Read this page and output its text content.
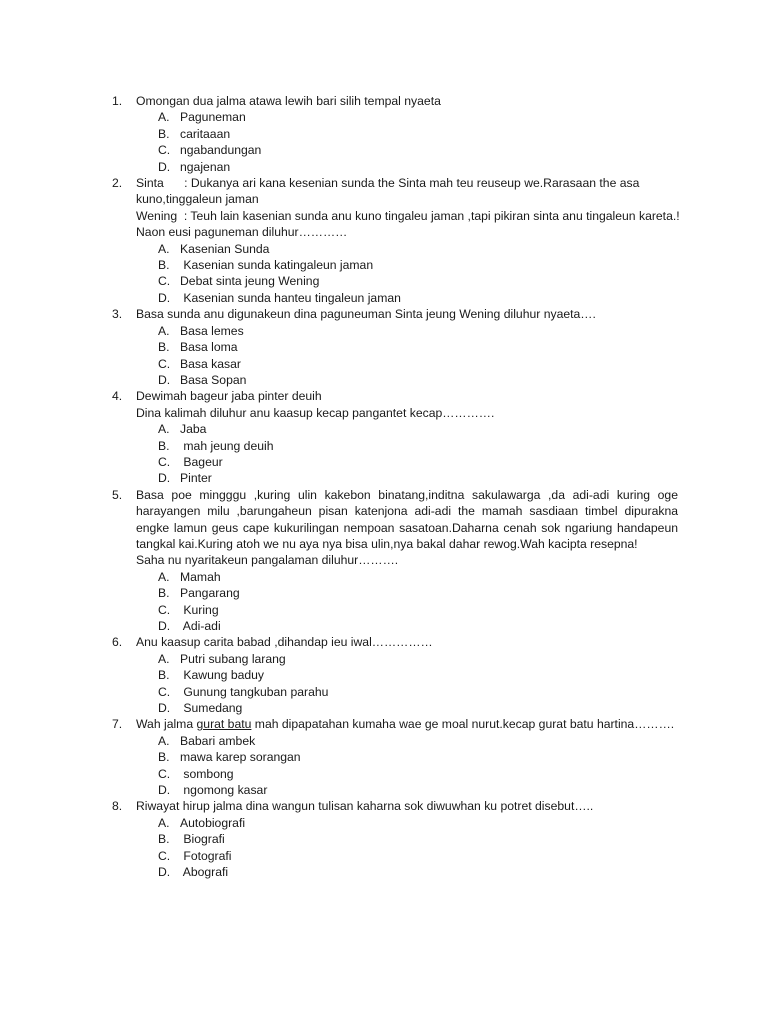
1. Omongan dua jalma atawa lewih bari silih tempal nyaeta
A. Paguneman
B. caritaaan
C. ngabandungan
D. ngajenan
2. Sinta      : Dukanya ari kana kesenian sunda the Sinta mah teu reuseup we.Rarasaan the asa
kuno,tinggaleun jaman
Wening  : Teuh lain kasenian sunda anu kuno tingaleu jaman ,tapi pikiran sinta anu tingaleun kareta.!
Naon eusi paguneman diluhur…………
A. Kasenian Sunda
B. Kasenian sunda katingaleun jaman
C. Debat sinta jeung Wening
D. Kasenian sunda hanteu tingaleun jaman
3. Basa sunda anu digunakeun dina paguneuman Sinta jeung Wening diluhur nyaeta….
A. Basa lemes
B. Basa loma
C. Basa kasar
D. Basa Sopan
4. Dewimah bageur jaba pinter deuih
Dina kalimah diluhur anu kaasup kecap pangantet kecap………….
A. Jaba
B. mah jeung deuih
C. Bageur
D. Pinter
5. Basa poe mingggu ,kuring ulin kakebon binatang,inditna sakulawarga ,da adi-adi kuring oge harayangen milu ,barungaheun pisan katenjona adi-adi the mamah sasdiaan timbel dipurakna engke lamun geus cape kukurilingan nempoan sasatoan.Daharna cenah sok ngariung handapeun tangkal kai.Kuring atoh we nu aya nya bisa ulin,nya bakal dahar rewog.Wah kacipta resepna!
Saha nu nyaritakeun pangalaman diluhur……….
A. Mamah
B. Pangarang
C. Kuring
D. Adi-adi
6. Anu kaasup carita babad ,dihandap ieu iwal……………
A. Putri subang larang
B. Kawung baduy
C. Gunung tangkuban parahu
D. Sumedang
7. Wah jalma gurat batu mah dipapatahan kumaha wae ge moal nurut.kecap gurat batu hartina……….
A. Babari ambek
B. mawa karep sorangan
C. sombong
D. ngomong kasar
8. Riwayat hirup jalma dina wangun tulisan kaharna sok diwuwhan ku potret disebut…..
A. Autobiografi
B. Biografi
C. Fotografi
D. Abografi
